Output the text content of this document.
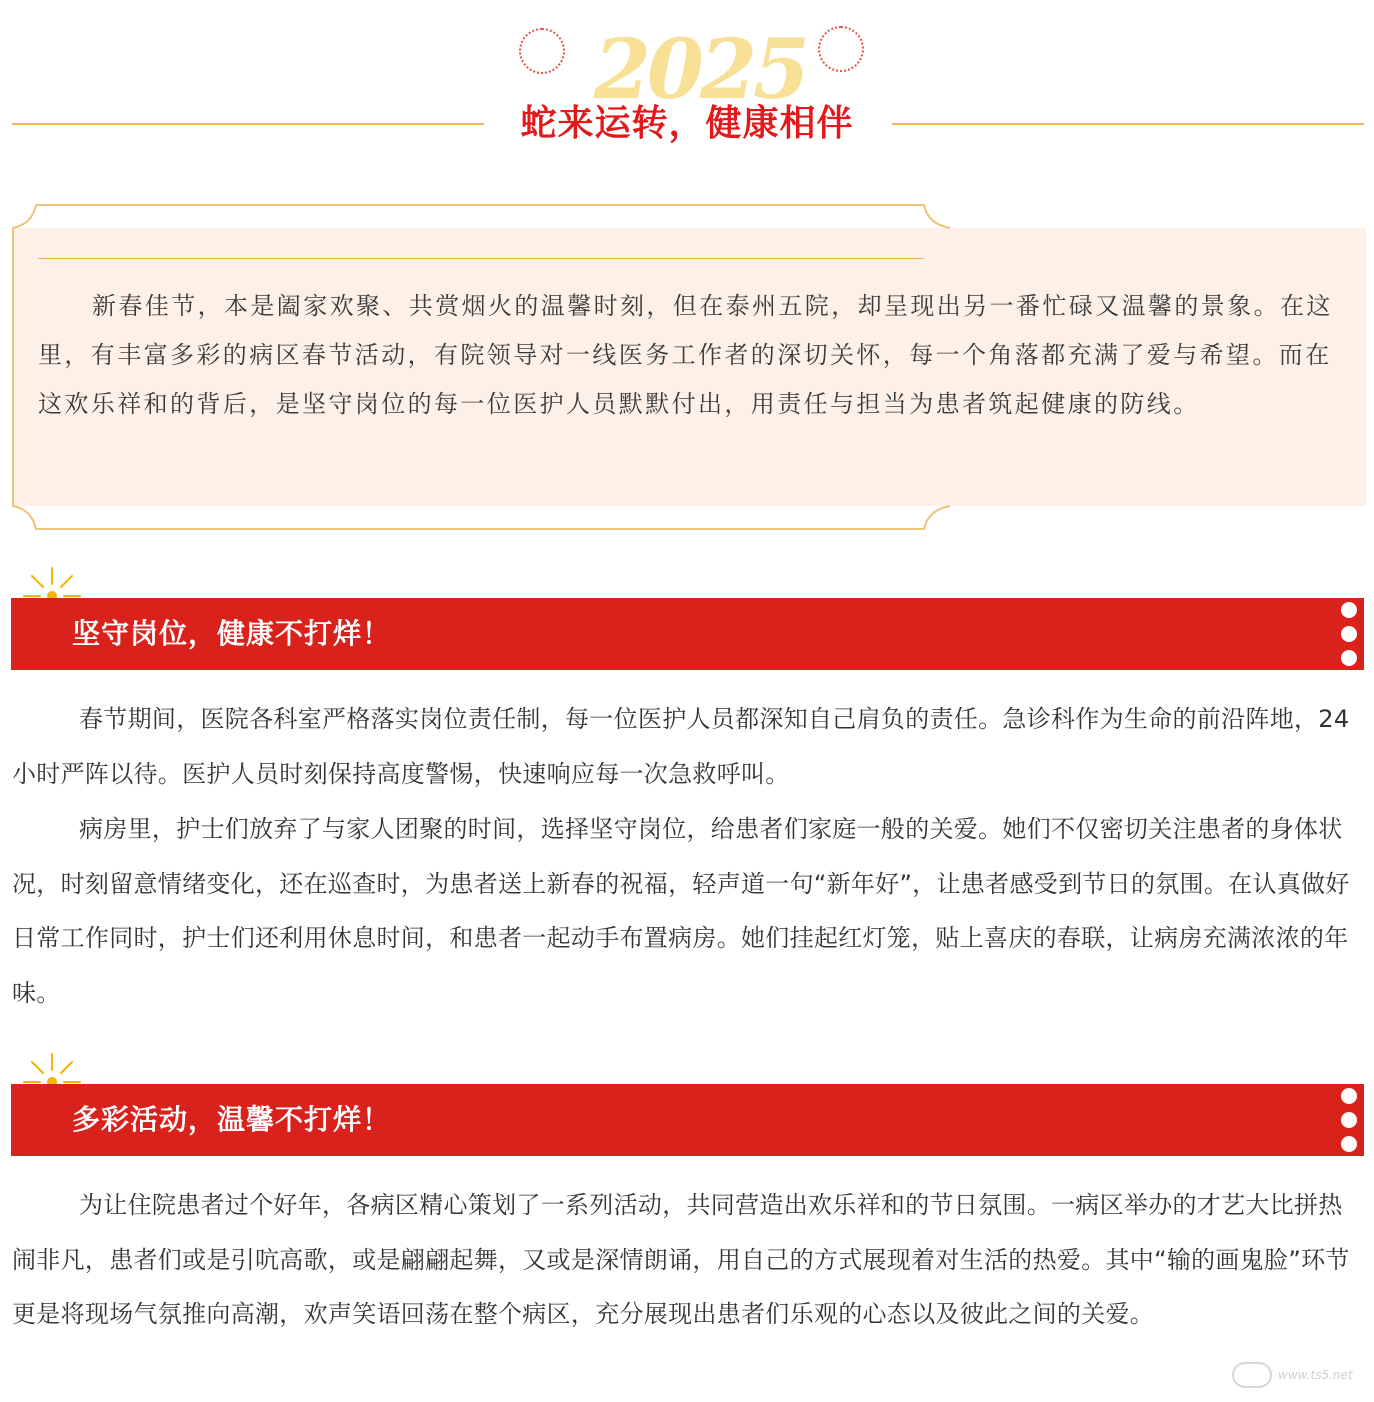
2025
蛇来运转，健康相伴

新春佳节，本是阖家欢聚、共赏烟火的温馨时刻，但在泰州五院，却呈现出另一番忙碌又温馨的景象。在这里，有丰富多彩的病区春节活动，有院领导对一线医务工作者的深切关怀，每一个角落都充满了爱与希望。而在这欢乐祥和的背后，是坚守岗位的每一位医护人员默默付出，用责任与担当为患者筑起健康的防线。

坚守岗位，健康不打烊！

春节期间，医院各科室严格落实岗位责任制，每一位医护人员都深知自己肩负的责任。急诊科作为生命的前沿阵地，24小时严阵以待。医护人员时刻保持高度警惕，快速响应每一次急救呼叫。

病房里，护士们放弃了与家人团聚的时间，选择坚守岗位，给患者们家庭一般的关爱。她们不仅密切关注患者的身体状况，时刻留意情绪变化，还在巡查时，为患者送上新春的祝福，轻声道一句“新年好”，让患者感受到节日的氛围。在认真做好日常工作同时，护士们还利用休息时间，和患者一起动手布置病房。她们挂起红灯笼，贴上喜庆的春联，让病房充满浓浓的年味。

多彩活动，温馨不打烊！

为让住院患者过个好年，各病区精心策划了一系列活动，共同营造出欢乐祥和的节日氛围。一病区举办的才艺大比拼热闹非凡，患者们或是引吭高歌，或是翩翩起舞，又或是深情朗诵，用自己的方式展现着对生活的热爱。其中“输的画鬼脸”环节更是将现场气氛推向高潮，欢声笑语回荡在整个病区，充分展现出患者们乐观的心态以及彼此之间的关爱。

www.ts5.net
